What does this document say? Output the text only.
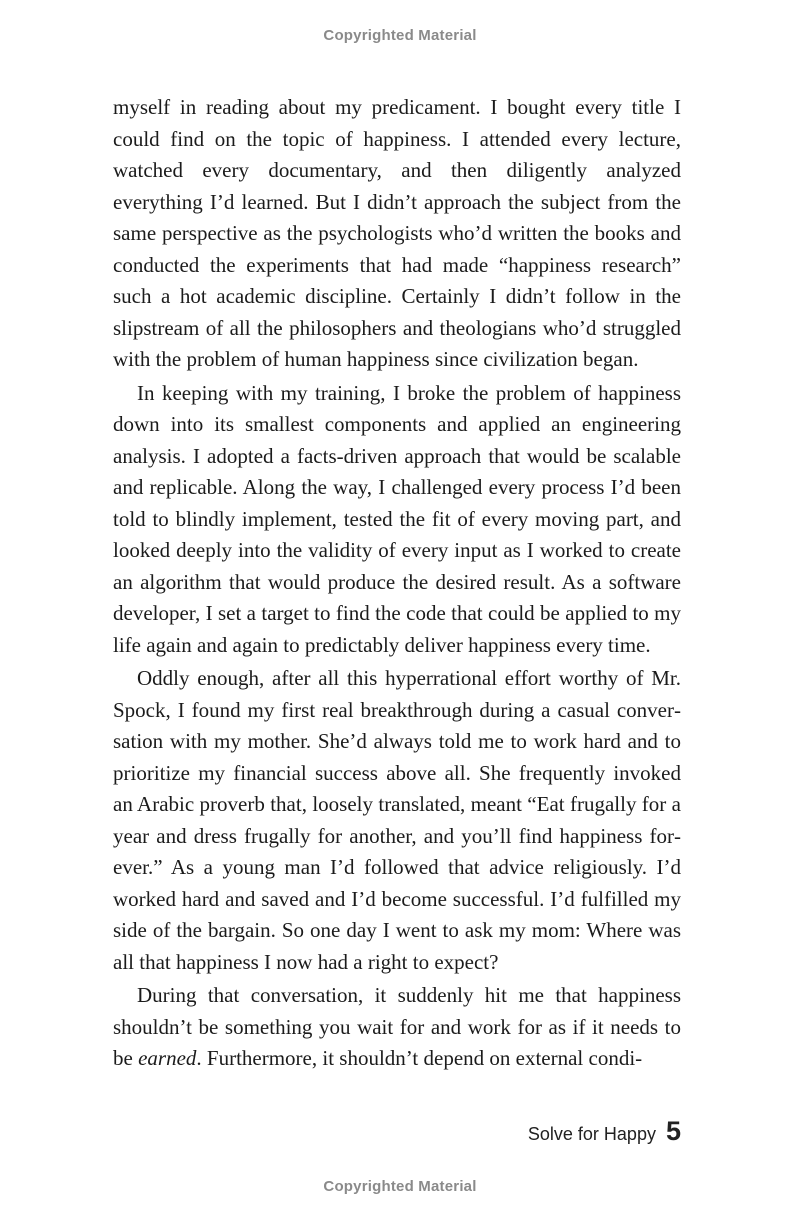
Copyrighted Material

myself in reading about my predicament. I bought every title I could find on the topic of happiness. I attended every lecture, watched every documentary, and then diligently analyzed everything I’d learned. But I didn’t approach the subject from the same perspective as the psychologists who’d written the books and conducted the experiments that had made “happiness research” such a hot academic discipline. Certainly I didn’t follow in the slipstream of all the philosophers and theologians who’d struggled with the problem of human happiness since civilization began.

In keeping with my training, I broke the problem of happiness down into its smallest components and applied an engineering analysis. I adopted a facts-driven approach that would be scalable and replicable. Along the way, I challenged every process I’d been told to blindly implement, tested the fit of every moving part, and looked deeply into the validity of every input as I worked to create an algorithm that would produce the desired result. As a software developer, I set a target to find the code that could be applied to my life again and again to predictably deliver happiness every time.

Oddly enough, after all this hyperrational effort worthy of Mr. Spock, I found my first real breakthrough during a casual conversation with my mother. She’d always told me to work hard and to prioritize my financial success above all. She frequently invoked an Arabic proverb that, loosely translated, meant “Eat frugally for a year and dress frugally for another, and you’ll find happiness forever.” As a young man I’d followed that advice religiously. I’d worked hard and saved and I’d become successful. I’d fulfilled my side of the bargain. So one day I went to ask my mom: Where was all that happiness I now had a right to expect?

During that conversation, it suddenly hit me that happiness shouldn’t be something you wait for and work for as if it needs to be earned. Furthermore, it shouldn’t depend on external condi-

Solve for Happy 5
Copyrighted Material
